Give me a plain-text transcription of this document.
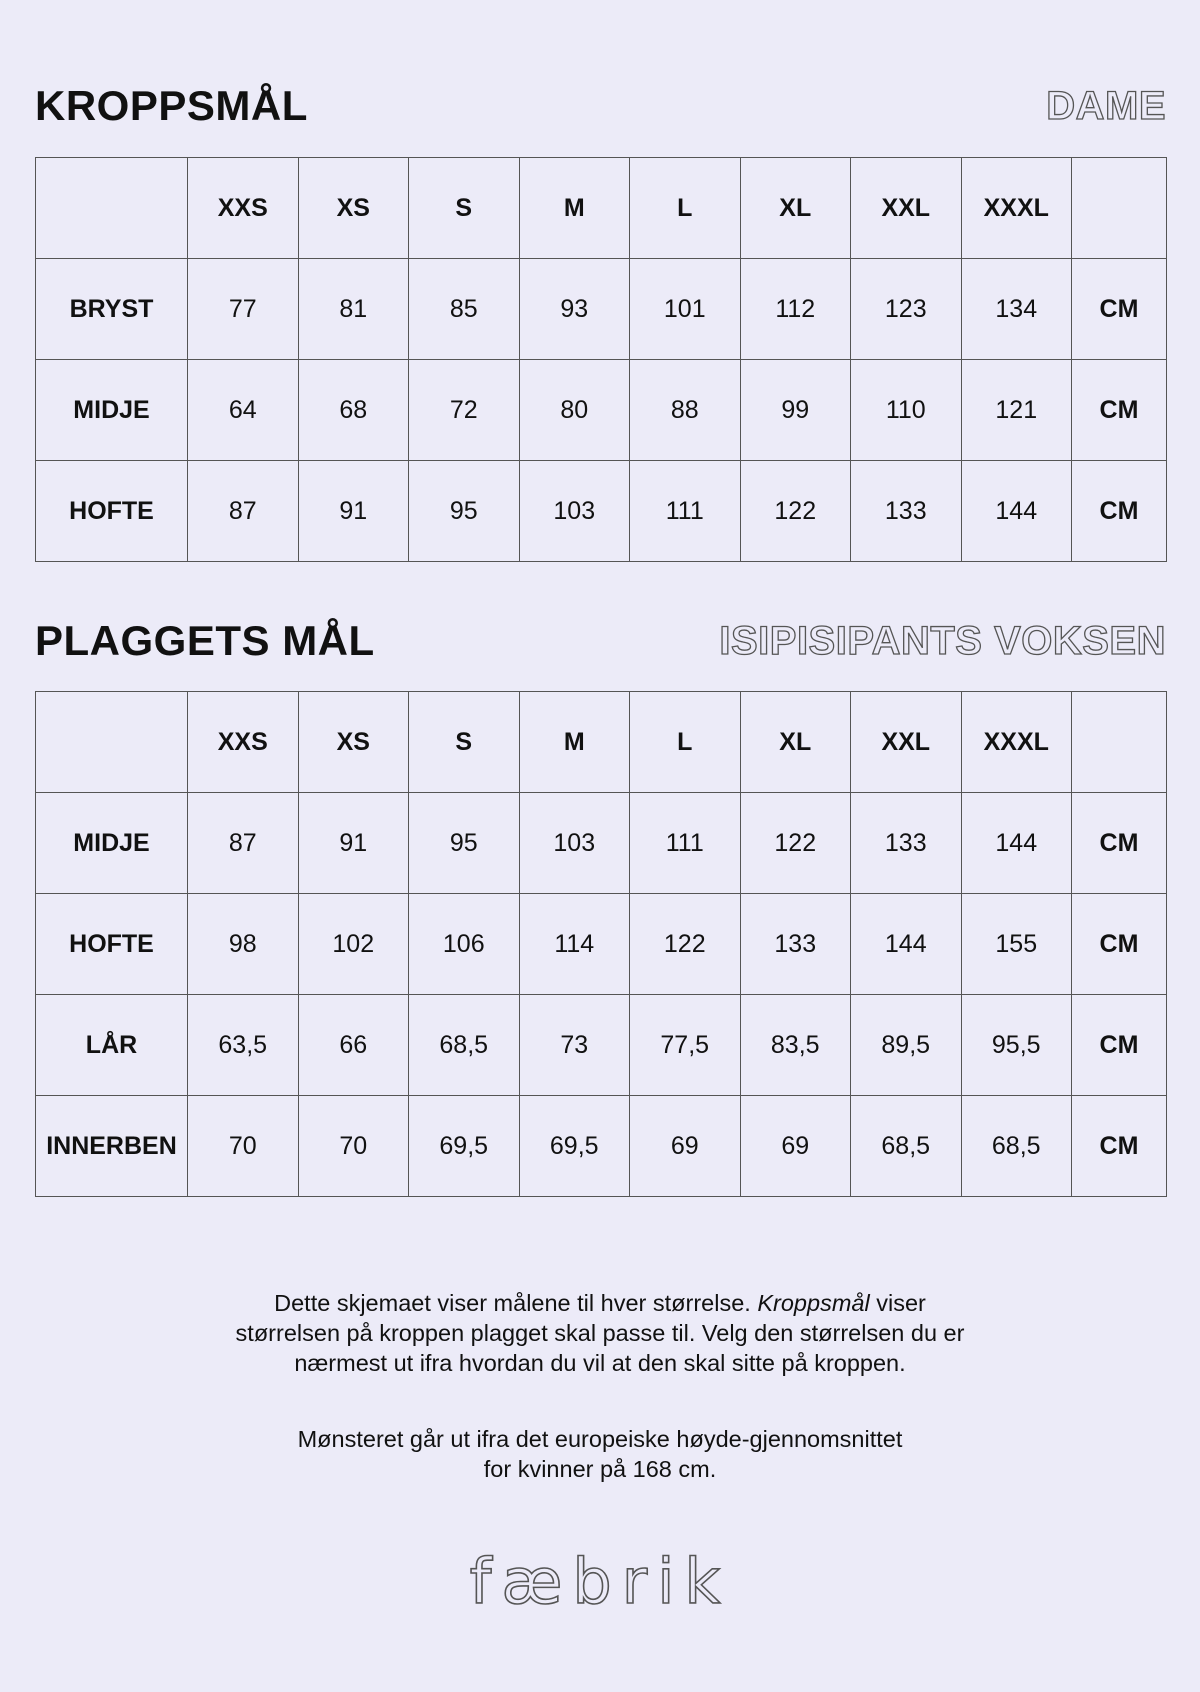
KROPPSMÅL	DAME
	XXS	XS	S	M	L	XL	XXL	XXXL	
BRYST	77	81	85	93	101	112	123	134	CM
MIDJE	64	68	72	80	88	99	110	121	CM
HOFTE	87	91	95	103	111	122	133	144	CM
PLAGGETS MÅL	ISIPISIPANTS VOKSEN
	XXS	XS	S	M	L	XL	XXL	XXXL	
MIDJE	87	91	95	103	111	122	133	144	CM
HOFTE	98	102	106	114	122	133	144	155	CM
LÅR	63,5	66	68,5	73	77,5	83,5	89,5	95,5	CM
INNERBEN	70	70	69,5	69,5	69	69	68,5	68,5	CM

Dette skjemaet viser målene til hver størrelse. Kroppsmål viser

størrelsen på kroppen plagget skal passe til. Velg den størrelsen du er

nærmest ut ifra hvordan du vil at den skal sitte på kroppen.

Mønsteret går ut ifra det europeiske høyde-gjennomsnittet

for kvinner på 168 cm.

fæbrik
